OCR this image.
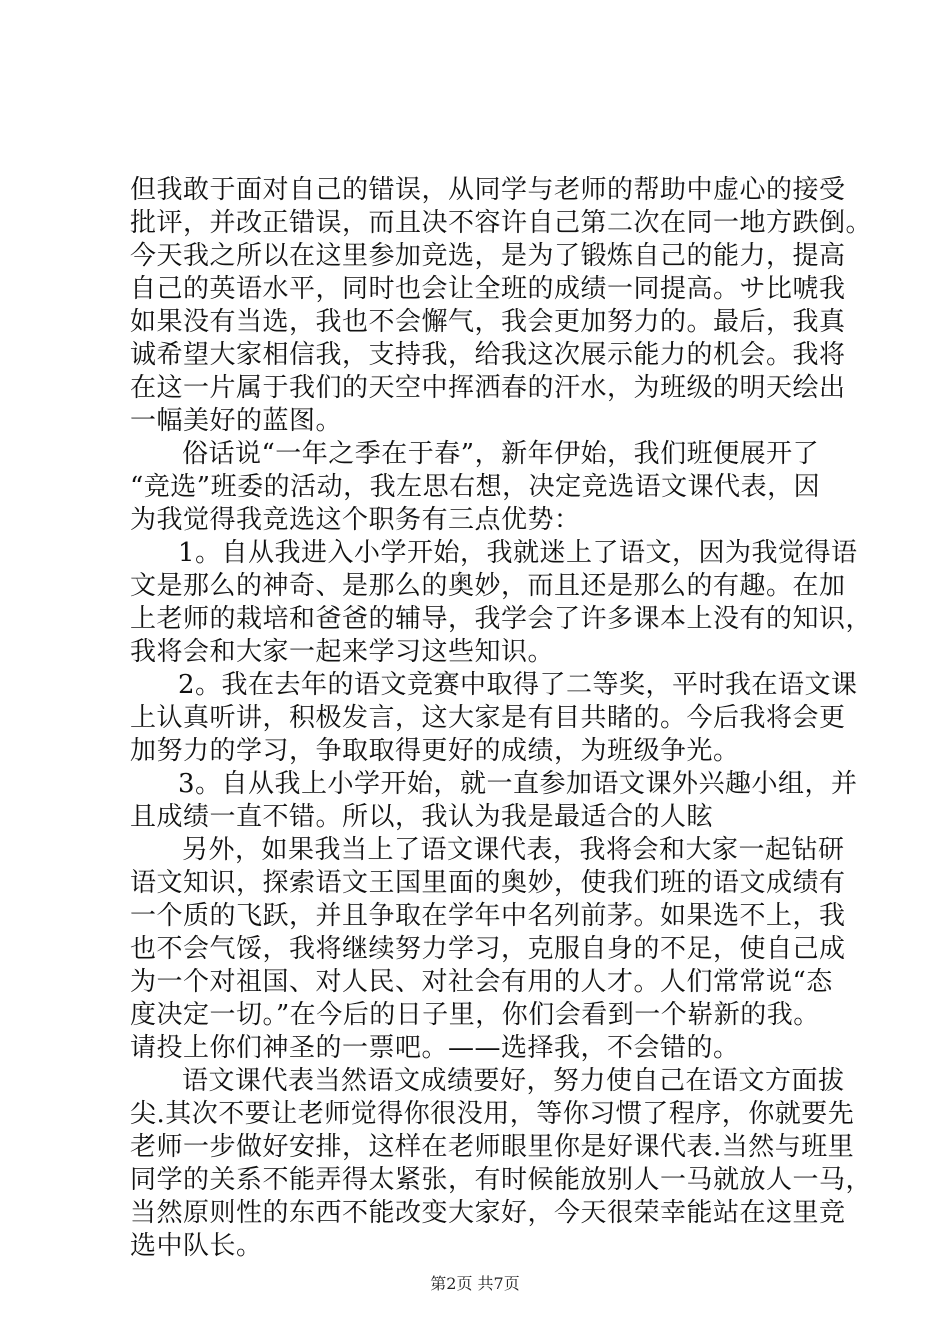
但我敢于面对自己的错误，从同学与老师的帮助中虚心的接受
批评，并改正错误，而且决不容许自己第二次在同一地方跌倒。
今天我之所以在这里参加竞选，是为了锻炼自己的能力，提高
自己的英语水平，同时也会让全班的成绩一同提高。サ比唬我
如果没有当选，我也不会懈气，我会更加努力的。最后，我真
诚希望大家相信我，支持我，给我这次展示能力的机会。我将
在这一片属于我们的天空中挥洒春的汗水，为班级的明天绘出
一幅美好的蓝图。
俗话说“一年之季在于春”，新年伊始，我们班便展开了
“竞选”班委的活动，我左思右想，决定竞选语文课代表，因
为我觉得我竞选这个职务有三点优势：
1。自从我进入小学开始，我就迷上了语文，因为我觉得语
文是那么的神奇、是那么的奥妙，而且还是那么的有趣。在加
上老师的栽培和爸爸的辅导，我学会了许多课本上没有的知识，
我将会和大家一起来学习这些知识。
2。我在去年的语文竞赛中取得了二等奖，平时我在语文课
上认真听讲，积极发言，这大家是有目共睹的。今后我将会更
加努力的学习，争取取得更好的成绩，为班级争光。
3。自从我上小学开始，就一直参加语文课外兴趣小组，并
且成绩一直不错。所以，我认为我是最适合的人眩
另外，如果我当上了语文课代表，我将会和大家一起钻研
语文知识，探索语文王国里面的奥妙，使我们班的语文成绩有
一个质的飞跃，并且争取在学年中名列前茅。如果选不上，我
也不会气馁，我将继续努力学习，克服自身的不足，使自己成
为一个对祖国、对人民、对社会有用的人才。人们常常说“态
度决定一切。”在今后的日子里，你们会看到一个崭新的我。
请投上你们神圣的一票吧。——选择我，不会错的。
语文课代表当然语文成绩要好，努力使自己在语文方面拔
尖.其次不要让老师觉得你很没用，等你习惯了程序，你就要先
老师一步做好安排，这样在老师眼里你是好课代表.当然与班里
同学的关系不能弄得太紧张，有时候能放别人一马就放人一马，
当然原则性的东西不能改变大家好，今天很荣幸能站在这里竞
选中队长。
第2页 共7页
